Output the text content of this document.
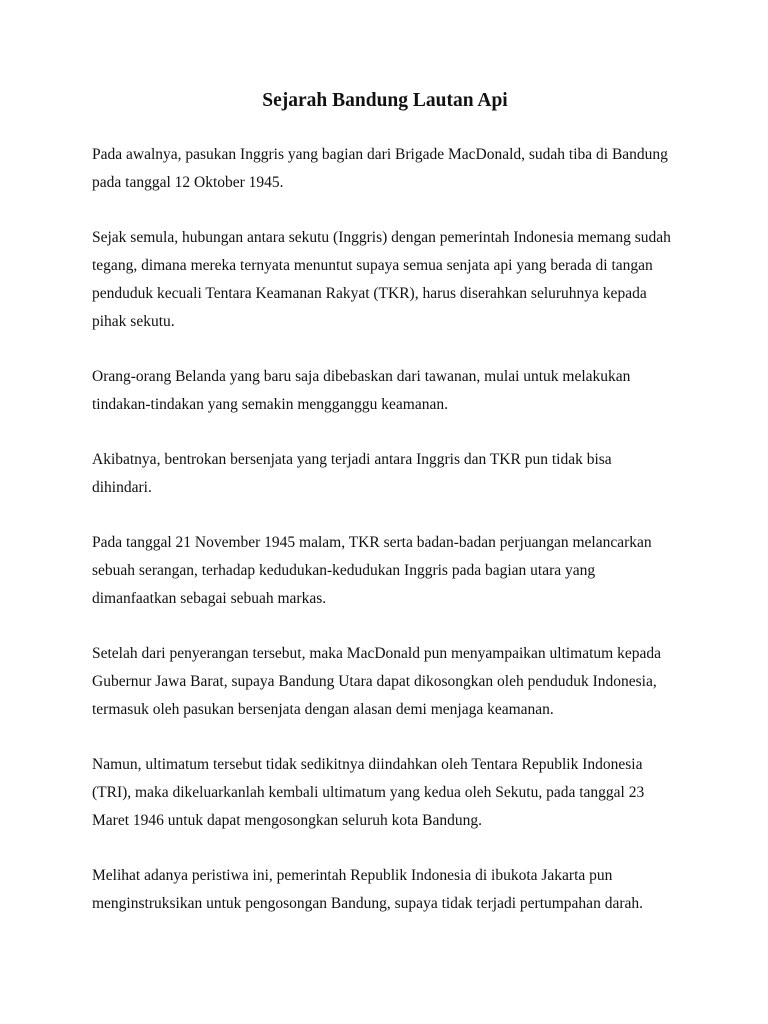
Sejarah Bandung Lautan Api

Pada awalnya, pasukan Inggris yang bagian dari Brigade MacDonald, sudah tiba di Bandung
pada tanggal 12 Oktober 1945.

Sejak semula, hubungan antara sekutu (Inggris) dengan pemerintah Indonesia memang sudah
tegang, dimana mereka ternyata menuntut supaya semua senjata api yang berada di tangan
penduduk kecuali Tentara Keamanan Rakyat (TKR), harus diserahkan seluruhnya kepada
pihak sekutu.

Orang-orang Belanda yang baru saja dibebaskan dari tawanan, mulai untuk melakukan
tindakan-tindakan yang semakin mengganggu keamanan.

Akibatnya, bentrokan bersenjata yang terjadi antara Inggris dan TKR pun tidak bisa
dihindari.

Pada tanggal 21 November 1945 malam, TKR serta badan-badan perjuangan melancarkan
sebuah serangan, terhadap kedudukan-kedudukan Inggris pada bagian utara yang
dimanfaatkan sebagai sebuah markas.

Setelah dari penyerangan tersebut, maka MacDonald pun menyampaikan ultimatum kepada
Gubernur Jawa Barat, supaya Bandung Utara dapat dikosongkan oleh penduduk Indonesia,
termasuk oleh pasukan bersenjata dengan alasan demi menjaga keamanan.

Namun, ultimatum tersebut tidak sedikitnya diindahkan oleh Tentara Republik Indonesia
(TRI), maka dikeluarkanlah kembali ultimatum yang kedua oleh Sekutu, pada tanggal 23
Maret 1946 untuk dapat mengosongkan seluruh kota Bandung.

Melihat adanya peristiwa ini, pemerintah Republik Indonesia di ibukota Jakarta pun
menginstruksikan untuk pengosongan Bandung, supaya tidak terjadi pertumpahan darah.
